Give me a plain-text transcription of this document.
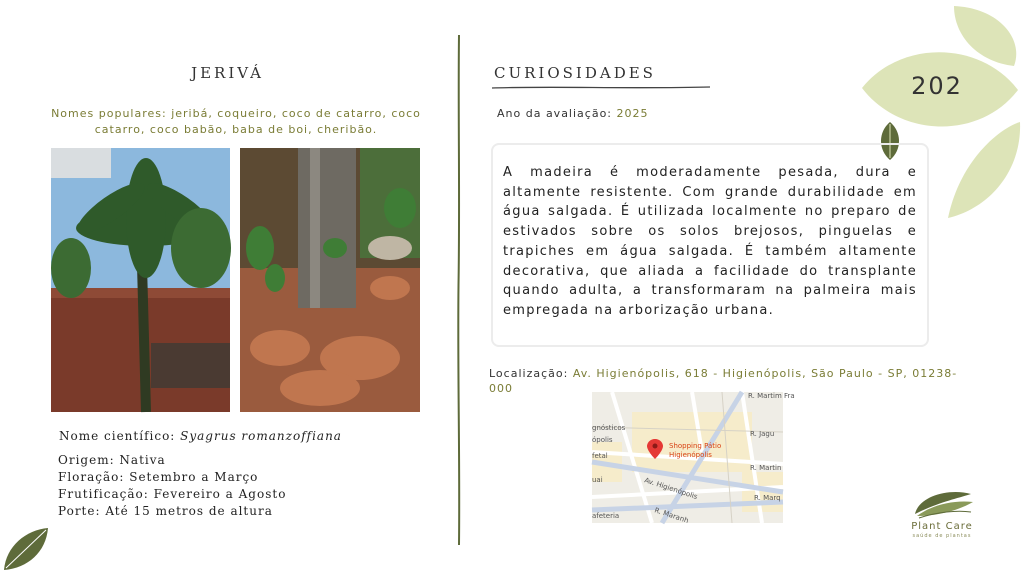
202
JERIVÁ
Nomes populares: jeribá, coqueiro, coco de catarro, coco catarro, coco babão, baba de boi, cheribão.
Nome científico: Syagrus romanzoffiana
Origem: Nativa
Floração: Setembro a Março
Frutificação: Fevereiro a Agosto
Porte: Até 15 metros de altura
CURIOSIDADES
Ano da avaliação: 2025
A madeira é moderadamente pesada, dura e altamente resistente. Com grande durabilidade em água salgada. É utilizada localmente no preparo de estivados sobre os solos brejosos, pinguelas e trapiches em água salgada. É também altamente decorativa, que aliada a facilidade do transplante quando adulta, a transformaram na palmeira mais empregada na arborização urbana.
Localização: Av. Higienópolis, 618 - Higienópolis, São Paulo - SP, 01238-000
R. Martim Fra
R. Jagu
R. Martin
Av. Higienópolis	R. Marq
R. Maranh
gnósticos
ópolis
fetal
uai
afeteria
Shopping Pátio
Higienópolis
Plant Care
saúde de plantas
